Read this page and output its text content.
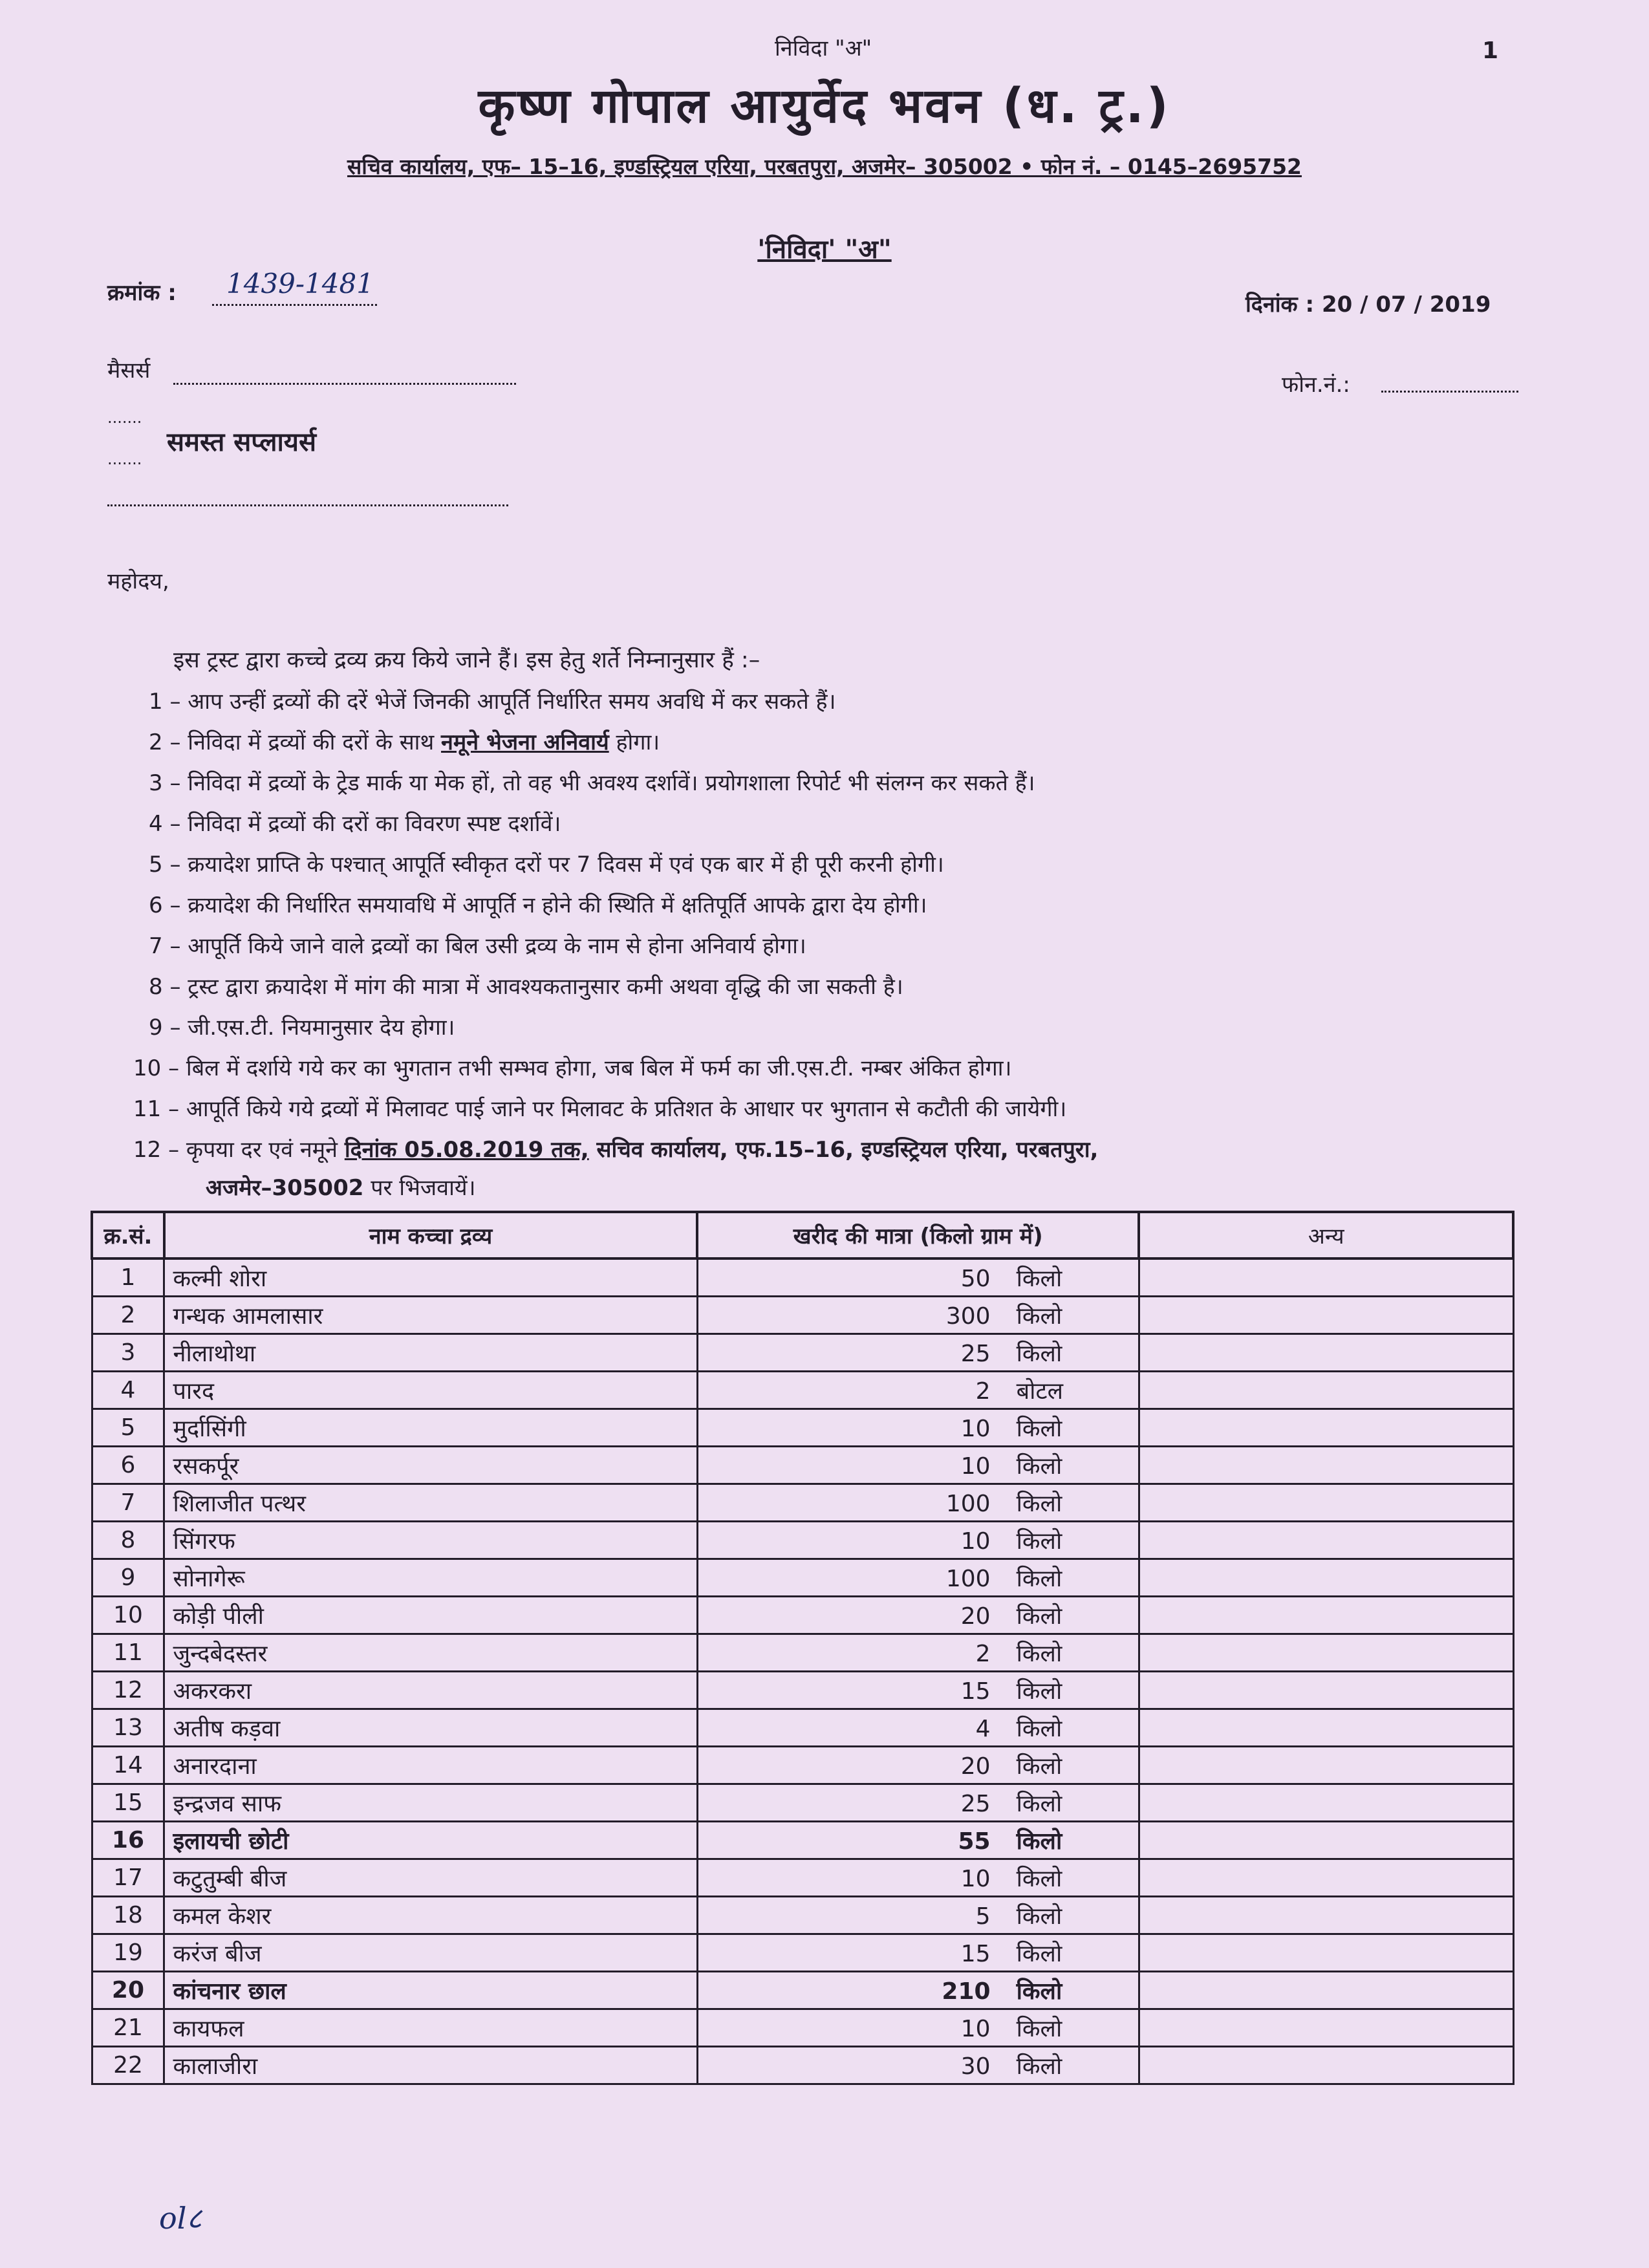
निविदा "अ"	1
कृष्ण गोपाल आयुर्वेद भवन (ध. ट्र.)
सचिव कार्यालय, एफ– 15–16, इण्डस्ट्रियल एरिया, परबतपुरा, अजमेर– 305002 • फोन नं. – 0145–2695752
'निविदा' "अ"
क्रमांक : 1439-1481
दिनांक : 20 / 07 / 2019
मैसर्स
फोन.नं.:
.......
समस्त सप्लायर्स
.......
महोदय,
इस ट्रस्ट द्वारा कच्चे द्रव्य क्रय किये जाने हैं। इस हेतु शर्ते निम्नानुसार हैं :–
1 – आप उन्हीं द्रव्यों की दरें भेजें जिनकी आपूर्ति निर्धारित समय अवधि में कर सकते हैं।
2 – निविदा में द्रव्यों की दरों के साथ नमूने भेजना अनिवार्य होगा।
3 – निविदा में द्रव्यों के ट्रेड मार्क या मेक हों, तो वह भी अवश्य दर्शावें। प्रयोगशाला रिपोर्ट भी संलग्न कर सकते हैं।
4 – निविदा में द्रव्यों की दरों का विवरण स्पष्ट दर्शावें।
5 – क्रयादेश प्राप्ति के पश्चात् आपूर्ति स्वीकृत दरों पर 7 दिवस में एवं एक बार में ही पूरी करनी होगी।
6 – क्रयादेश की निर्धारित समयावधि में आपूर्ति न होने की स्थिति में क्षतिपूर्ति आपके द्वारा देय होगी।
7 – आपूर्ति किये जाने वाले द्रव्यों का बिल उसी द्रव्य के नाम से होना अनिवार्य होगा।
8 – ट्रस्ट द्वारा क्रयादेश में मांग की मात्रा में आवश्यकतानुसार कमी अथवा वृद्धि की जा सकती है।
9 – जी.एस.टी. नियमानुसार देय होगा।
10 – बिल में दर्शाये गये कर का भुगतान तभी सम्भव होगा, जब बिल में फर्म का जी.एस.टी. नम्बर अंकित होगा।
11 – आपूर्ति किये गये द्रव्यों में मिलावट पाई जाने पर मिलावट के प्रतिशत के आधार पर भुगतान से कटौती की जायेगी।
12 – कृपया दर एवं नमूने दिनांक 05.08.2019 तक, सचिव कार्यालय, एफ.15–16, इण्डस्ट्रियल एरिया, परबतपुरा,
अजमेर–305002 पर भिजवायें।
क्र.सं.	नाम कच्चा द्रव्य	खरीद की मात्रा (किलो ग्राम में)	अन्य
1	कल्मी शोरा	50 किलो	
2	गन्धक आमलासार	300 किलो	
3	नीलाथोथा	25 किलो	
4	पारद	2 बोटल	
5	मुर्दासिंगी	10 किलो	
6	रसकर्पूर	10 किलो	
7	शिलाजीत पत्थर	100 किलो	
8	सिंगरफ	10 किलो	
9	सोनागेरू	100 किलो	
10	कोड़ी पीली	20 किलो	
11	जुन्दबेदस्तर	2 किलो	
12	अकरकरा	15 किलो	
13	अतीष कड़वा	4 किलो	
14	अनारदाना	20 किलो	
15	इन्द्रजव साफ	25 किलो	
16	इलायची छोटी	55 किलो	
17	कटुतुम्बी बीज	10 किलो	
18	कमल केशर	5 किलो	
19	करंज बीज	15 किलो	
20	कांचनार छाल	210 किलो	
21	कायफल	10 किलो	
22	कालाजीरा	30 किलो	
ol८
